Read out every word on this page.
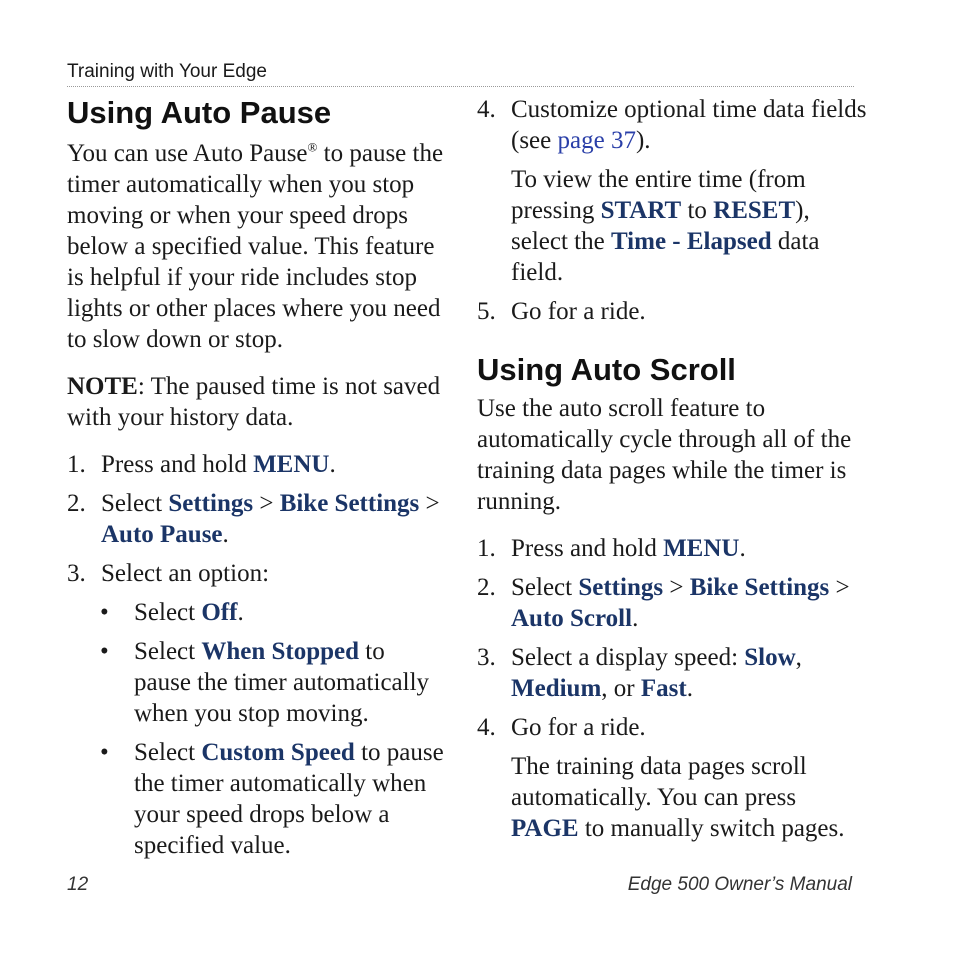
Training with Your Edge
Using Auto Pause

You can use Auto Pause® to pause the timer automatically when you stop moving or when your speed drops below a specified value. This feature is helpful if your ride includes stop lights or other places where you need to slow down or stop.

NOTE: The paused time is not saved with your history data.

1. Press and hold MENU.
2. Select Settings > Bike Settings > Auto Pause.
3. Select an option:
• Select Off.
• Select When Stopped to pause the timer automatically when you stop moving.
• Select Custom Speed to pause the timer automatically when your speed drops below a specified value.
4. Customize optional time data fields (see page 37).

To view the entire time (from pressing START to RESET), select the Time - Elapsed data field.

5. Go for a ride.
Using Auto Scroll

Use the auto scroll feature to automatically cycle through all of the training data pages while the timer is running.

1. Press and hold MENU.
2. Select Settings > Bike Settings > Auto Scroll.
3. Select a display speed: Slow, Medium, or Fast.
4. Go for a ride.

The training data pages scroll automatically. You can press PAGE to manually switch pages.

12	Edge 500 Owner’s Manual
